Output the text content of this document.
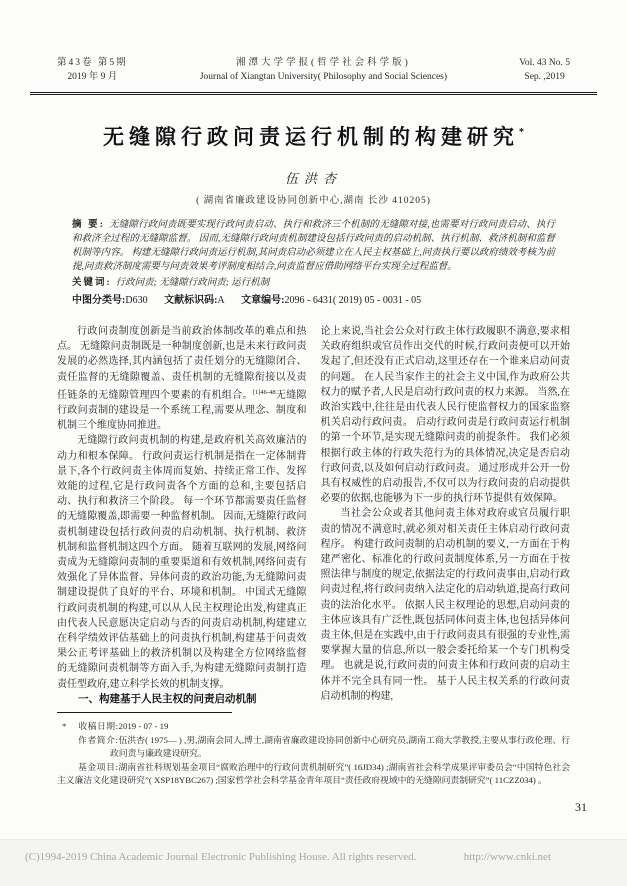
第43卷 第5期
2019 年 9 月
湘潭大学学报(哲学社会科学版)
Journal of Xiangtan University( Philosophy and Social Sciences)
Vol. 43 No. 5
Sep. ,2019
无缝隙行政问责运行机制的构建研究*
伍洪杏
( 湖南省廉政建设协同创新中心,湖南 长沙 410205)
摘 要: 无缝隙行政问责既要实现行政问责启动、执行和救济三个机制的无缝隙对接,也需要对行政问责启动、执行和救济全过程的无缝隙监督。 因而,无缝隙行政问责机制建设包括行政问责的启动机制、执行机制、救济机制和监督机制等内容。 构建无缝隙行政问责运行机制,其问责启动必须建立在人民主权基础上,问责执行要以政府绩效考核为前提,问责救济制度需要与问责效果考评制度相结合,问责监督应借助网络平台实现全过程监督。
关键词: 行政问责; 无缝隙行政问责; 运行机制
中图分类号:D630 文献标识码:A 文章编号:2096 - 6431( 2019) 05 - 0031 - 05

行政问责制度创新是当前政治体制改革的难点和热点。 无缝隙问责制既是一种制度创新,也是未来行政问责发展的必然选择,其内涵包括了责任划分的无缝隙闭合、责任监督的无缝隙覆盖、责任机制的无缝隙衔接以及责任链条的无缝隙管理四个要素的有机组合。$^{[1]46-48}$无缝隙行政问责制的建设是一个系统工程,需要从理念、制度和机制三个维度协同推进。

无缝隙行政问责机制的构建,是政府机关高效廉洁的动力和根本保障。 行政问责运行机制是指在一定体制背景下,各个行政问责主体周而复始、持续正常工作、发挥效能的过程,它是行政问责各个方面的总和,主要包括启动、执行和救济三个阶段。 每一个环节都需要责任监督的无缝隙覆盖,即需要一种监督机制。 因而,无缝隙行政问责机制建设包括行政问责的启动机制、执行机制、救济机制和监督机制这四个方面。 随着互联网的发展,网络问责成为无缝隙问责制的重要渠道和有效机制,网络问责有效强化了异体监督、异体问责的政治功能,为无缝隙问责制建设提供了良好的平台、环境和机制。 中国式无缝隙行政问责机制的构建,可以从人民主权理论出发,构建真正由代表人民意愿决定启动与否的问责启动机制,构建建立在科学绩效评估基础上的问责执行机制,构建基于问责效果公正考评基础上的救济机制以及构建全方位网络监督的无缝隙问责机制等方面入手,为构建无缝隙问责制打造责任型政府,建立科学长效的机制支撑。

一、构建基于人民主权的问责启动机制

论上来说,当社会公众对行政主体行政履职不满意,要求相关政府组织或官员作出交代的时候,行政问责便可以开始发起了,但还没有正式启动,这里还存在一个谁来启动问责的问题。 在人民当家作主的社会主义中国,作为政府公共权力的赋予者,人民是启动行政问责的权力来源。 当然,在政治实践中,往往是由代表人民行使监督权力的国家监察机关启动行政问责。 启动行政问责是行政问责运行机制的第一个环节,是实现无缝隙问责的前提条件。 我们必须根据行政主体的行政失范行为的具体情况,决定是否启动行政问责,以及如何启动行政问责。 通过形成并公开一份具有权威性的启动报告,不仅可以为行政问责的启动提供必要的依据,也能够为下一步的执行环节提供有效保障。

当社会公众或者其他问责主体对政府或官员履行职责的情况不满意时,就必须对相关责任主体启动行政问责程序。 构建行政问责制的启动机制的要义,一方面在于构建严密化、标准化的行政问责制度体系,另一方面在于按照法律与制度的规定,依据法定的行政问责事由,启动行政问责过程,将行政问责纳入法定化的启动轨道,提高行政问责的法治化水平。 依据人民主权理论的思想,启动问责的主体应该具有广泛性,既包括同体问责主体,也包括异体问责主体,但是在实践中,由于行政问责具有很强的专业性,需要掌握大量的信息,所以一般会委托给某一个专门机构受理。 也就是说,行政问责的问责主体和行政问责的启动主体并不完全具有同一性。 基于人民主权关系的行政问责启动机制的构建,

* 收稿日期:2019 - 07 - 19
作者简介:伍洪杏( 1975— ) ,男,湖南会同人,博士,湖南省廉政建设协同创新中心研究员,湖南工商大学教授,主要从事行政伦理、行政问责与廉政建设研究。
基金项目:湖南省社科规划基金项目“腐败治理中的行政问责机制研究”( 16JD34) ;湖南省社会科学成果评审委员会“中国特色社会主义廉洁文化建设研究”( XSP18YBC267) ;国家哲学社会科学基金青年项目“责任政府视域中的无缝隙问责制研究”( 11CZZ034) 。
31
(C)1994-2019 China Academic Journal Electronic Publishing House. All rights reserved.	http://www.cnki.net
